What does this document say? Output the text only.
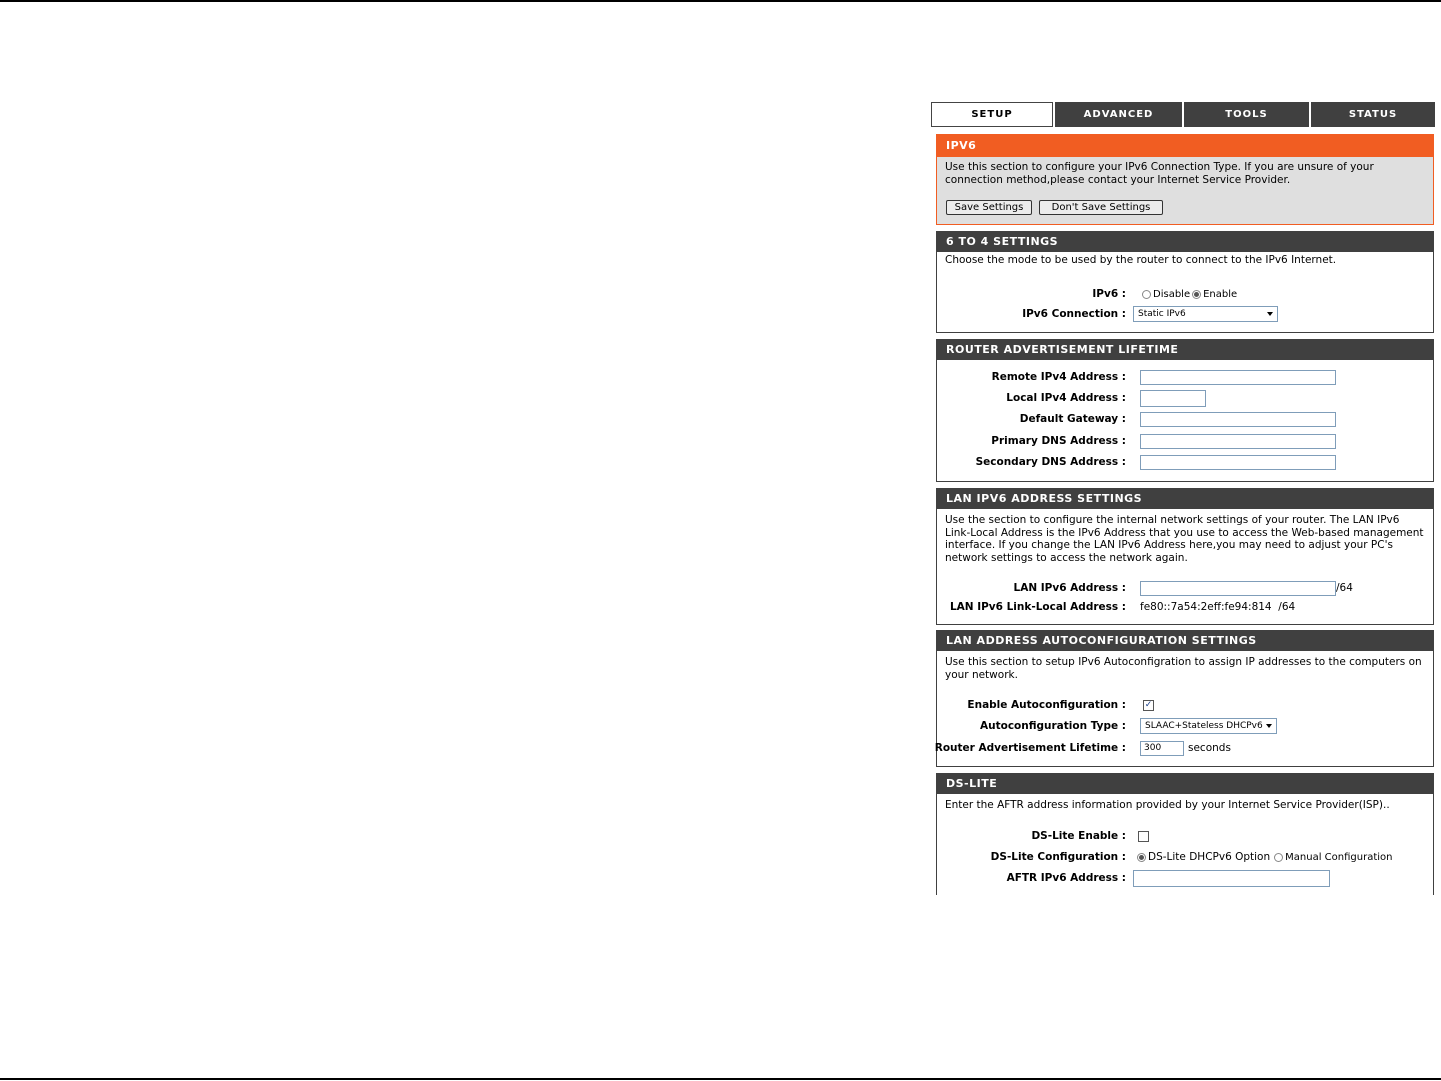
SETUP	ADVANCED	TOOLS	STATUS
IPV6
Use this section to configure your IPv6 Connection Type. If you are unsure of your connection method,please contact your Internet Service Provider.
Save Settings	Don't Save Settings
6 TO 4 SETTINGS
Choose the mode to be used by the router to connect to the IPv6 Internet.
IPv6 :	Disable Enable
IPv6 Connection : Static IPv6
ROUTER ADVERTISEMENT LIFETIME
Remote IPv4 Address :
Local IPv4 Address :
Default Gateway :
Primary DNS Address :
Secondary DNS Address :
LAN IPV6 ADDRESS SETTINGS
Use the section to configure the internal network settings of your router. The LAN IPv6 Link-Local Address is the IPv6 Address that you use to access the Web-based management interface. If you change the LAN IPv6 Address here,you may need to adjust your PC's network settings to access the network again.
LAN IPv6 Address :	/64
LAN IPv6 Link-Local Address : fe80::7a54:2eff:fe94:814  /64
LAN ADDRESS AUTOCONFIGURATION SETTINGS
Use this section to setup IPv6 Autoconfigration to assign IP addresses to the computers on your network.
Enable Autoconfiguration : ✓
Autoconfiguration Type : SLAAC+Stateless DHCPv6
Router Advertisement Lifetime :
300	seconds
DS-LITE
Enter the AFTR address information provided by your Internet Service Provider(ISP)..
DS-Lite Enable :
DS-Lite Configuration : DS-Lite DHCPv6 Option Manual Configuration
AFTR IPv6 Address :
